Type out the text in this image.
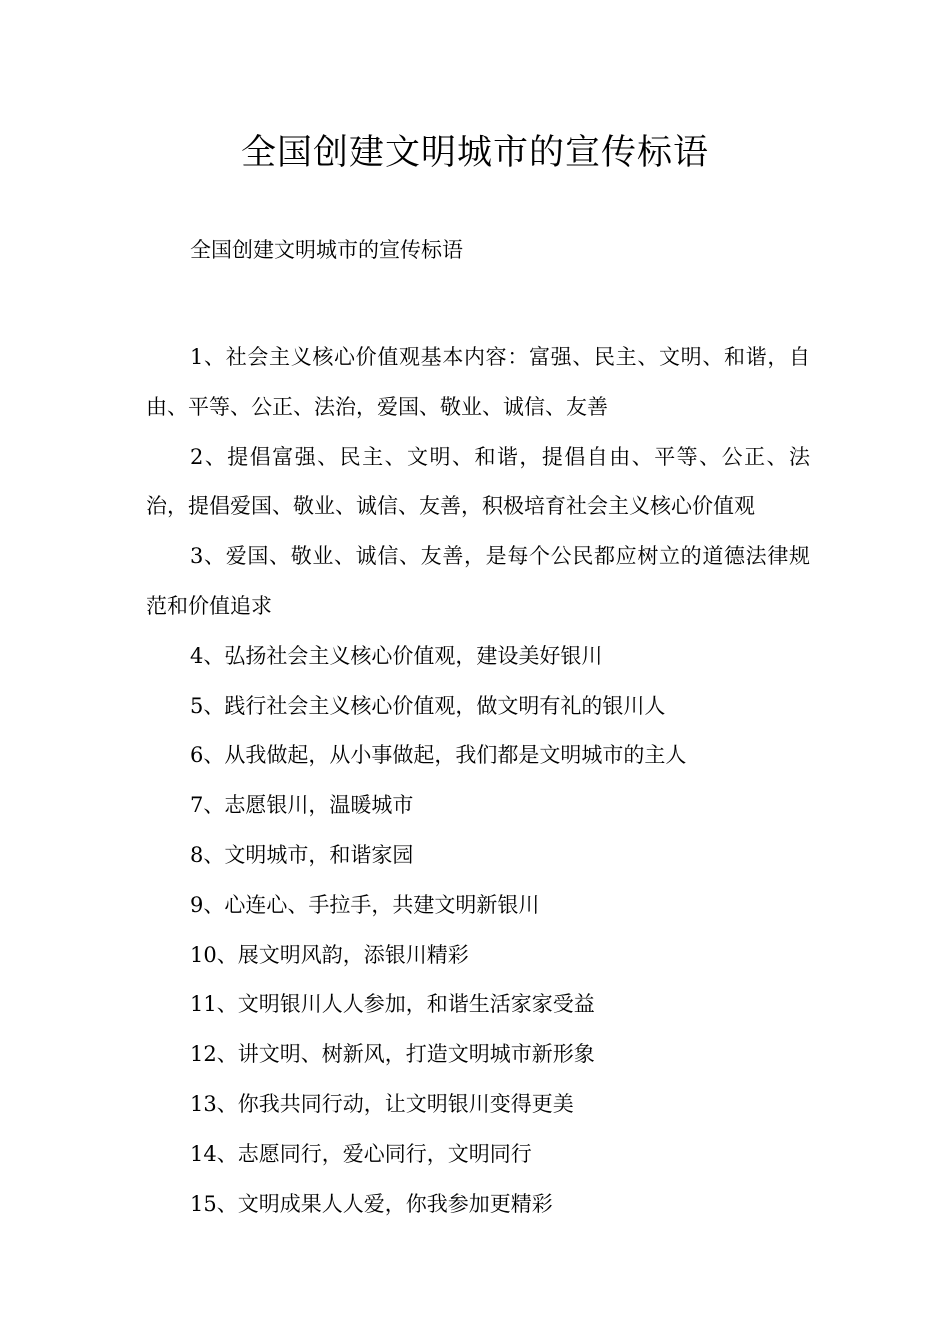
全国创建文明城市的宣传标语

全国创建文明城市的宣传标语

1、社会主义核心价值观基本内容：富强、民主、文明、和谐，自由、平等、公正、法治，爱国、敬业、诚信、友善
2、提倡富强、民主、文明、和谐，提倡自由、平等、公正、法治，提倡爱国、敬业、诚信、友善，积极培育社会主义核心价值观
3、爱国、敬业、诚信、友善，是每个公民都应树立的道德法律规范和价值追求
4、弘扬社会主义核心价值观，建设美好银川
5、践行社会主义核心价值观，做文明有礼的银川人
6、从我做起，从小事做起，我们都是文明城市的主人
7、志愿银川，温暖城市
8、文明城市，和谐家园
9、心连心、手拉手，共建文明新银川
10、展文明风韵，添银川精彩
11、文明银川人人参加，和谐生活家家受益
12、讲文明、树新风，打造文明城市新形象
13、你我共同行动，让文明银川变得更美
14、志愿同行，爱心同行，文明同行
15、文明成果人人爱，你我参加更精彩
